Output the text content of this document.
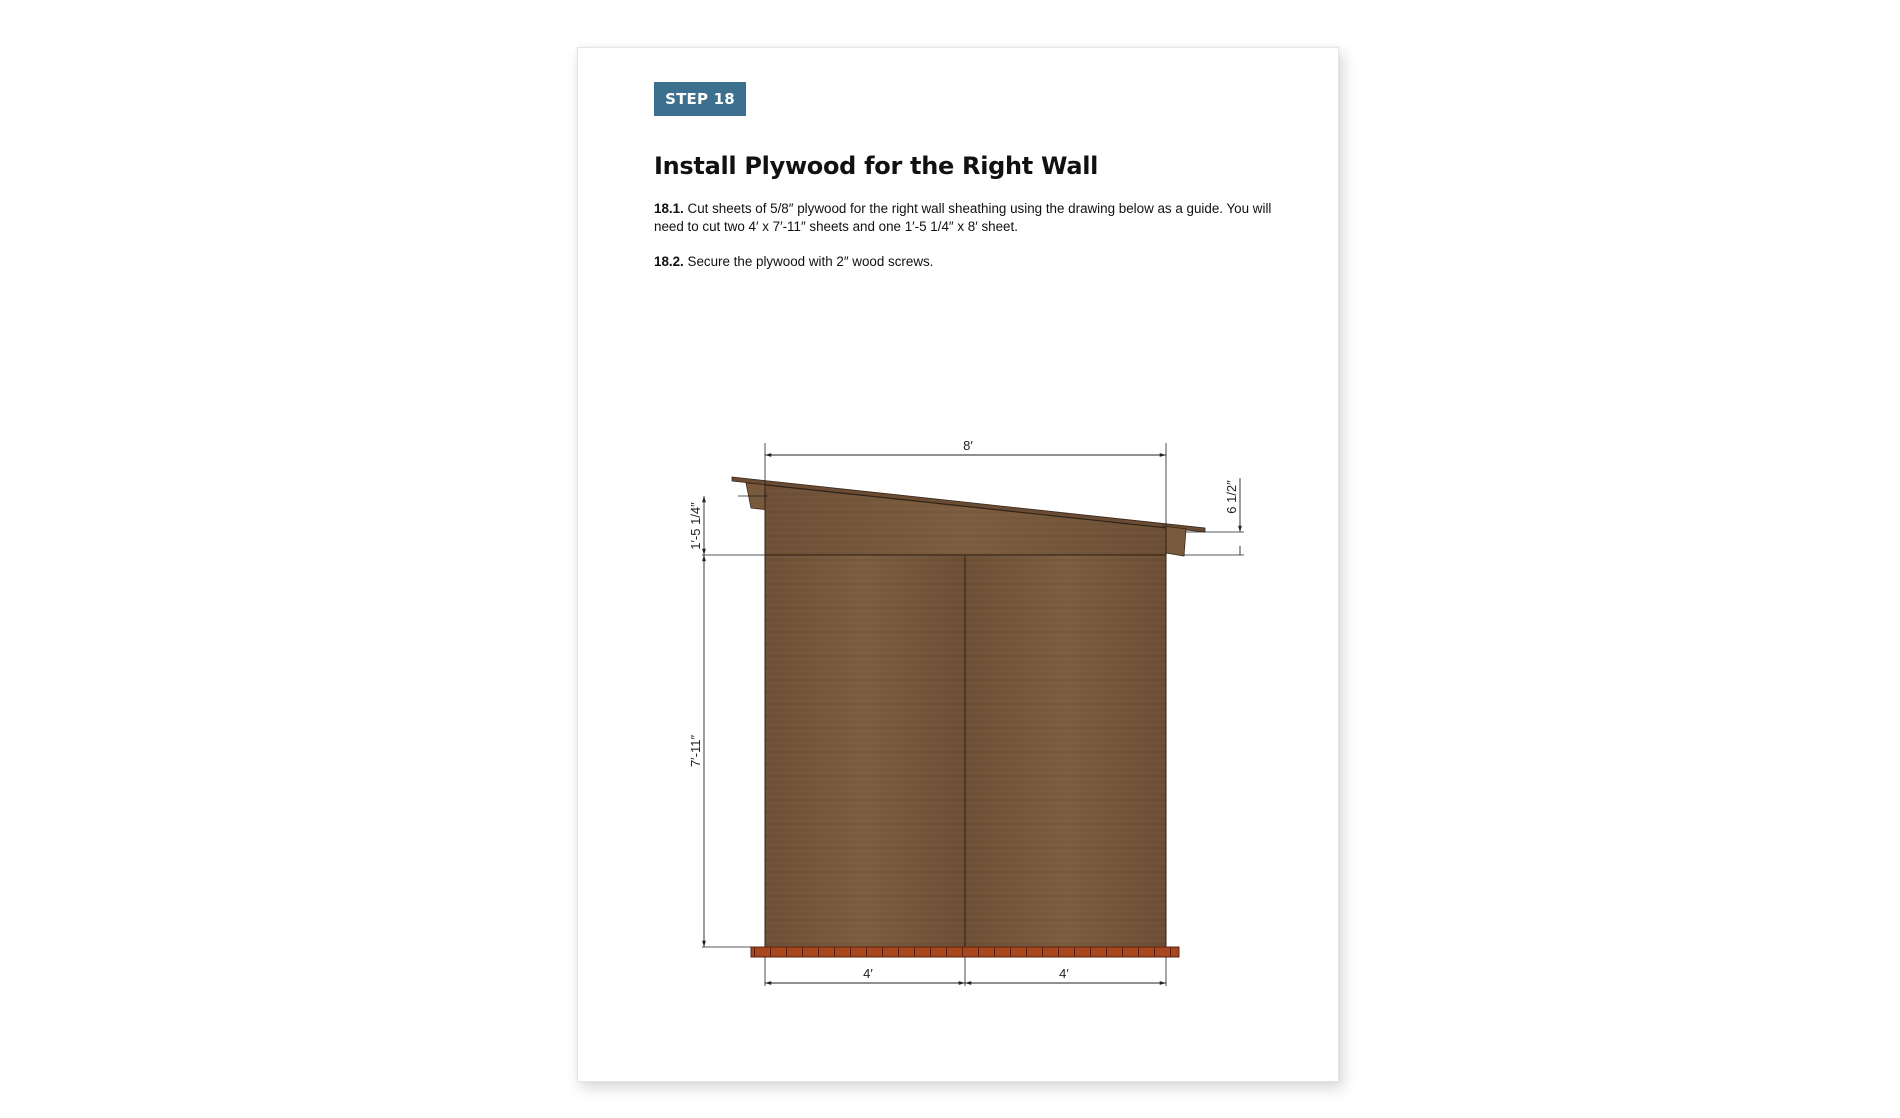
STEP 18
Install Plywood for the Right Wall

18.1. Cut sheets of 5/8″ plywood for the right wall sheathing using the drawing below as a guide. You will need to cut two 4′ x 7′-11″ sheets and one 1′-5 1/4″ x 8′ sheet.

18.2. Secure the plywood with 2″ wood screws.

8′
1′-5 1/4″
7′-11″
6 1/2″
4′	4′
